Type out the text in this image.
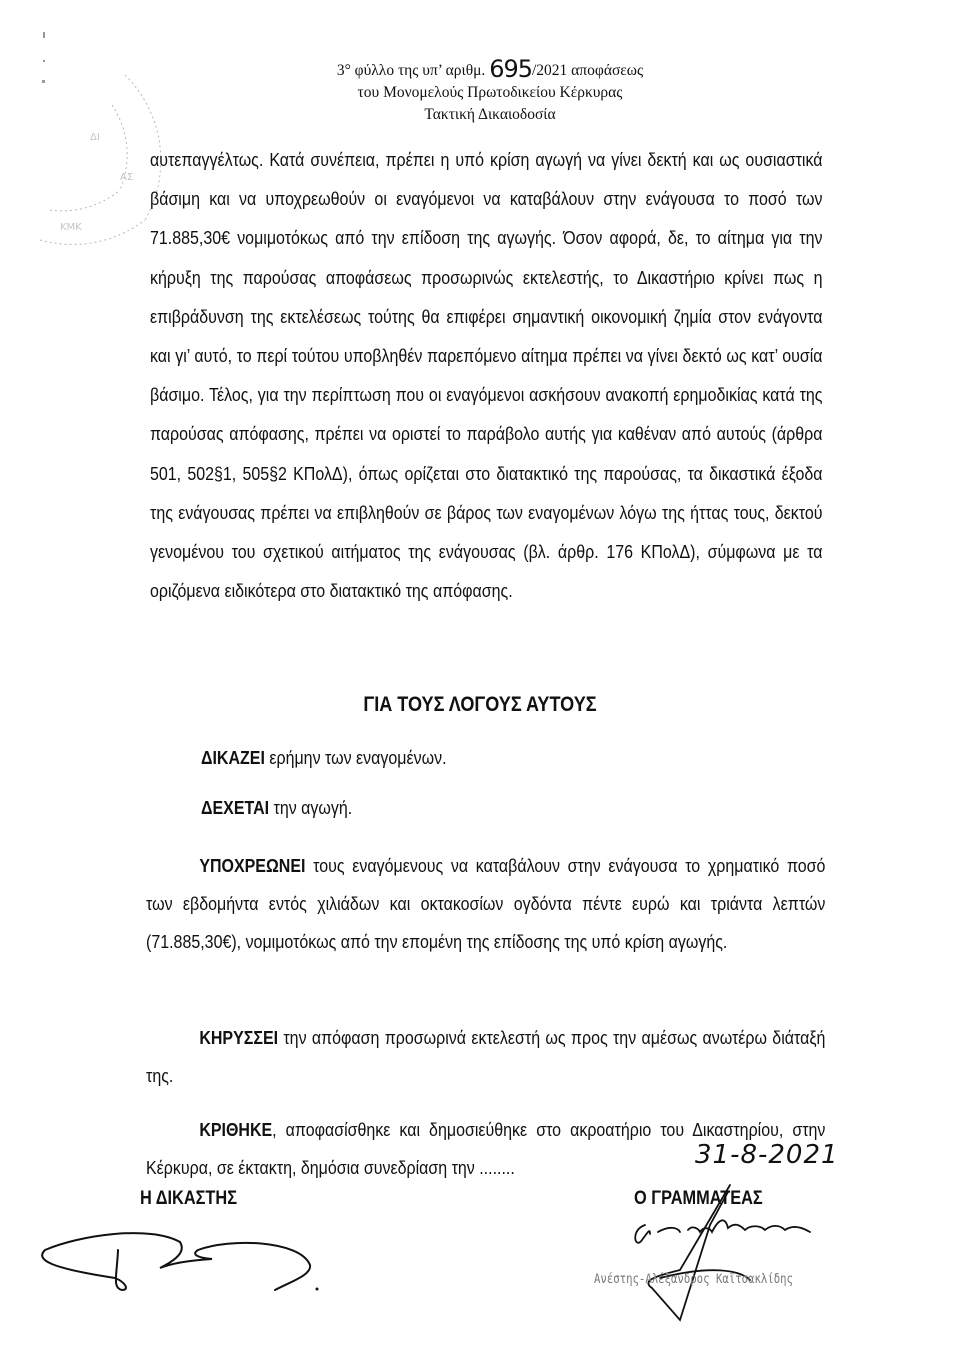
ΚΜΚ
ΑΣ
ΔΙ
3° φύλλο της υπ’ αριθμ. 695/2021 αποφάσεως
του Μονομελούς Πρωτοδικείου Κέρκυρας
Τακτική Δικαιοδοσία
αυτεπαγγέλτως. Κατά συνέπεια, πρέπει η υπό κρίση αγωγή να γίνει δεκτή και ως ουσιαστικά βάσιμη και να υποχρεωθούν οι εναγόμενοι να καταβάλουν στην ενάγουσα το ποσό των 71.885,30€ νομιμοτόκως από την επίδοση της αγωγής. Όσον αφορά, δε, το αίτημα για την κήρυξη της παρούσας αποφάσεως προσωρινώς εκτελεστής, το Δικαστήριο κρίνει πως η επιβράδυνση της εκτελέσεως τούτης θα επιφέρει σημαντική οικονομική ζημία στον ενάγοντα και γι’ αυτό, το περί τούτου υποβληθέν παρεπόμενο αίτημα πρέπει να γίνει δεκτό ως κατ’ ουσία βάσιμο. Τέλος, για την περίπτωση που οι εναγόμενοι ασκήσουν ανακοπή ερημοδικίας κατά της παρούσας απόφασης, πρέπει να οριστεί το παράβολο αυτής για καθέναν από αυτούς (άρθρα 501, 502§1, 505§2 ΚΠολΔ), όπως ορίζεται στο διατακτικό της παρούσας, τα δικαστικά έξοδα της ενάγουσας πρέπει να επιβληθούν σε βάρος των εναγομένων λόγω της ήττας τους, δεκτού γενομένου του σχετικού αιτήματος της ενάγουσας (βλ. άρθρ. 176 ΚΠολΔ), σύμφωνα με τα οριζόμενα ειδικότερα στο διατακτικό της απόφασης.
ΓΙΑ ΤΟΥΣ ΛΟΓΟΥΣ ΑΥΤΟΥΣ
ΔΙΚΑΖΕΙ ερήμην των εναγομένων.
ΔΕΧΕΤΑΙ την αγωγή.
ΥΠΟΧΡΕΩΝΕΙ τους εναγόμενους να καταβάλουν στην ενάγουσα το χρηματικό ποσό των εβδομήντα εντός χιλιάδων και οκτακοσίων ογδόντα πέντε ευρώ και τριάντα λεπτών (71.885,30€), νομιμοτόκως από την επομένη της επίδοσης της υπό κρίση αγωγής.
ΚΗΡΥΣΣΕΙ την απόφαση προσωρινά εκτελεστή ως προς την αμέσως ανωτέρω διάταξή της.
ΚΡΙΘΗΚΕ, αποφασίσθηκε και δημοσιεύθηκε στο ακροατήριο του Δικαστηρίου, στην Κέρκυρα, σε έκτακτη, δημόσια συνεδρίαση την ........	31-8-2021
Η ΔΙΚΑΣΤΗΣ	Ο ΓΡΑΜΜΑΤΕΑΣ
Ανέστης-Αλέξανδρος Καϊτσακλίδης
